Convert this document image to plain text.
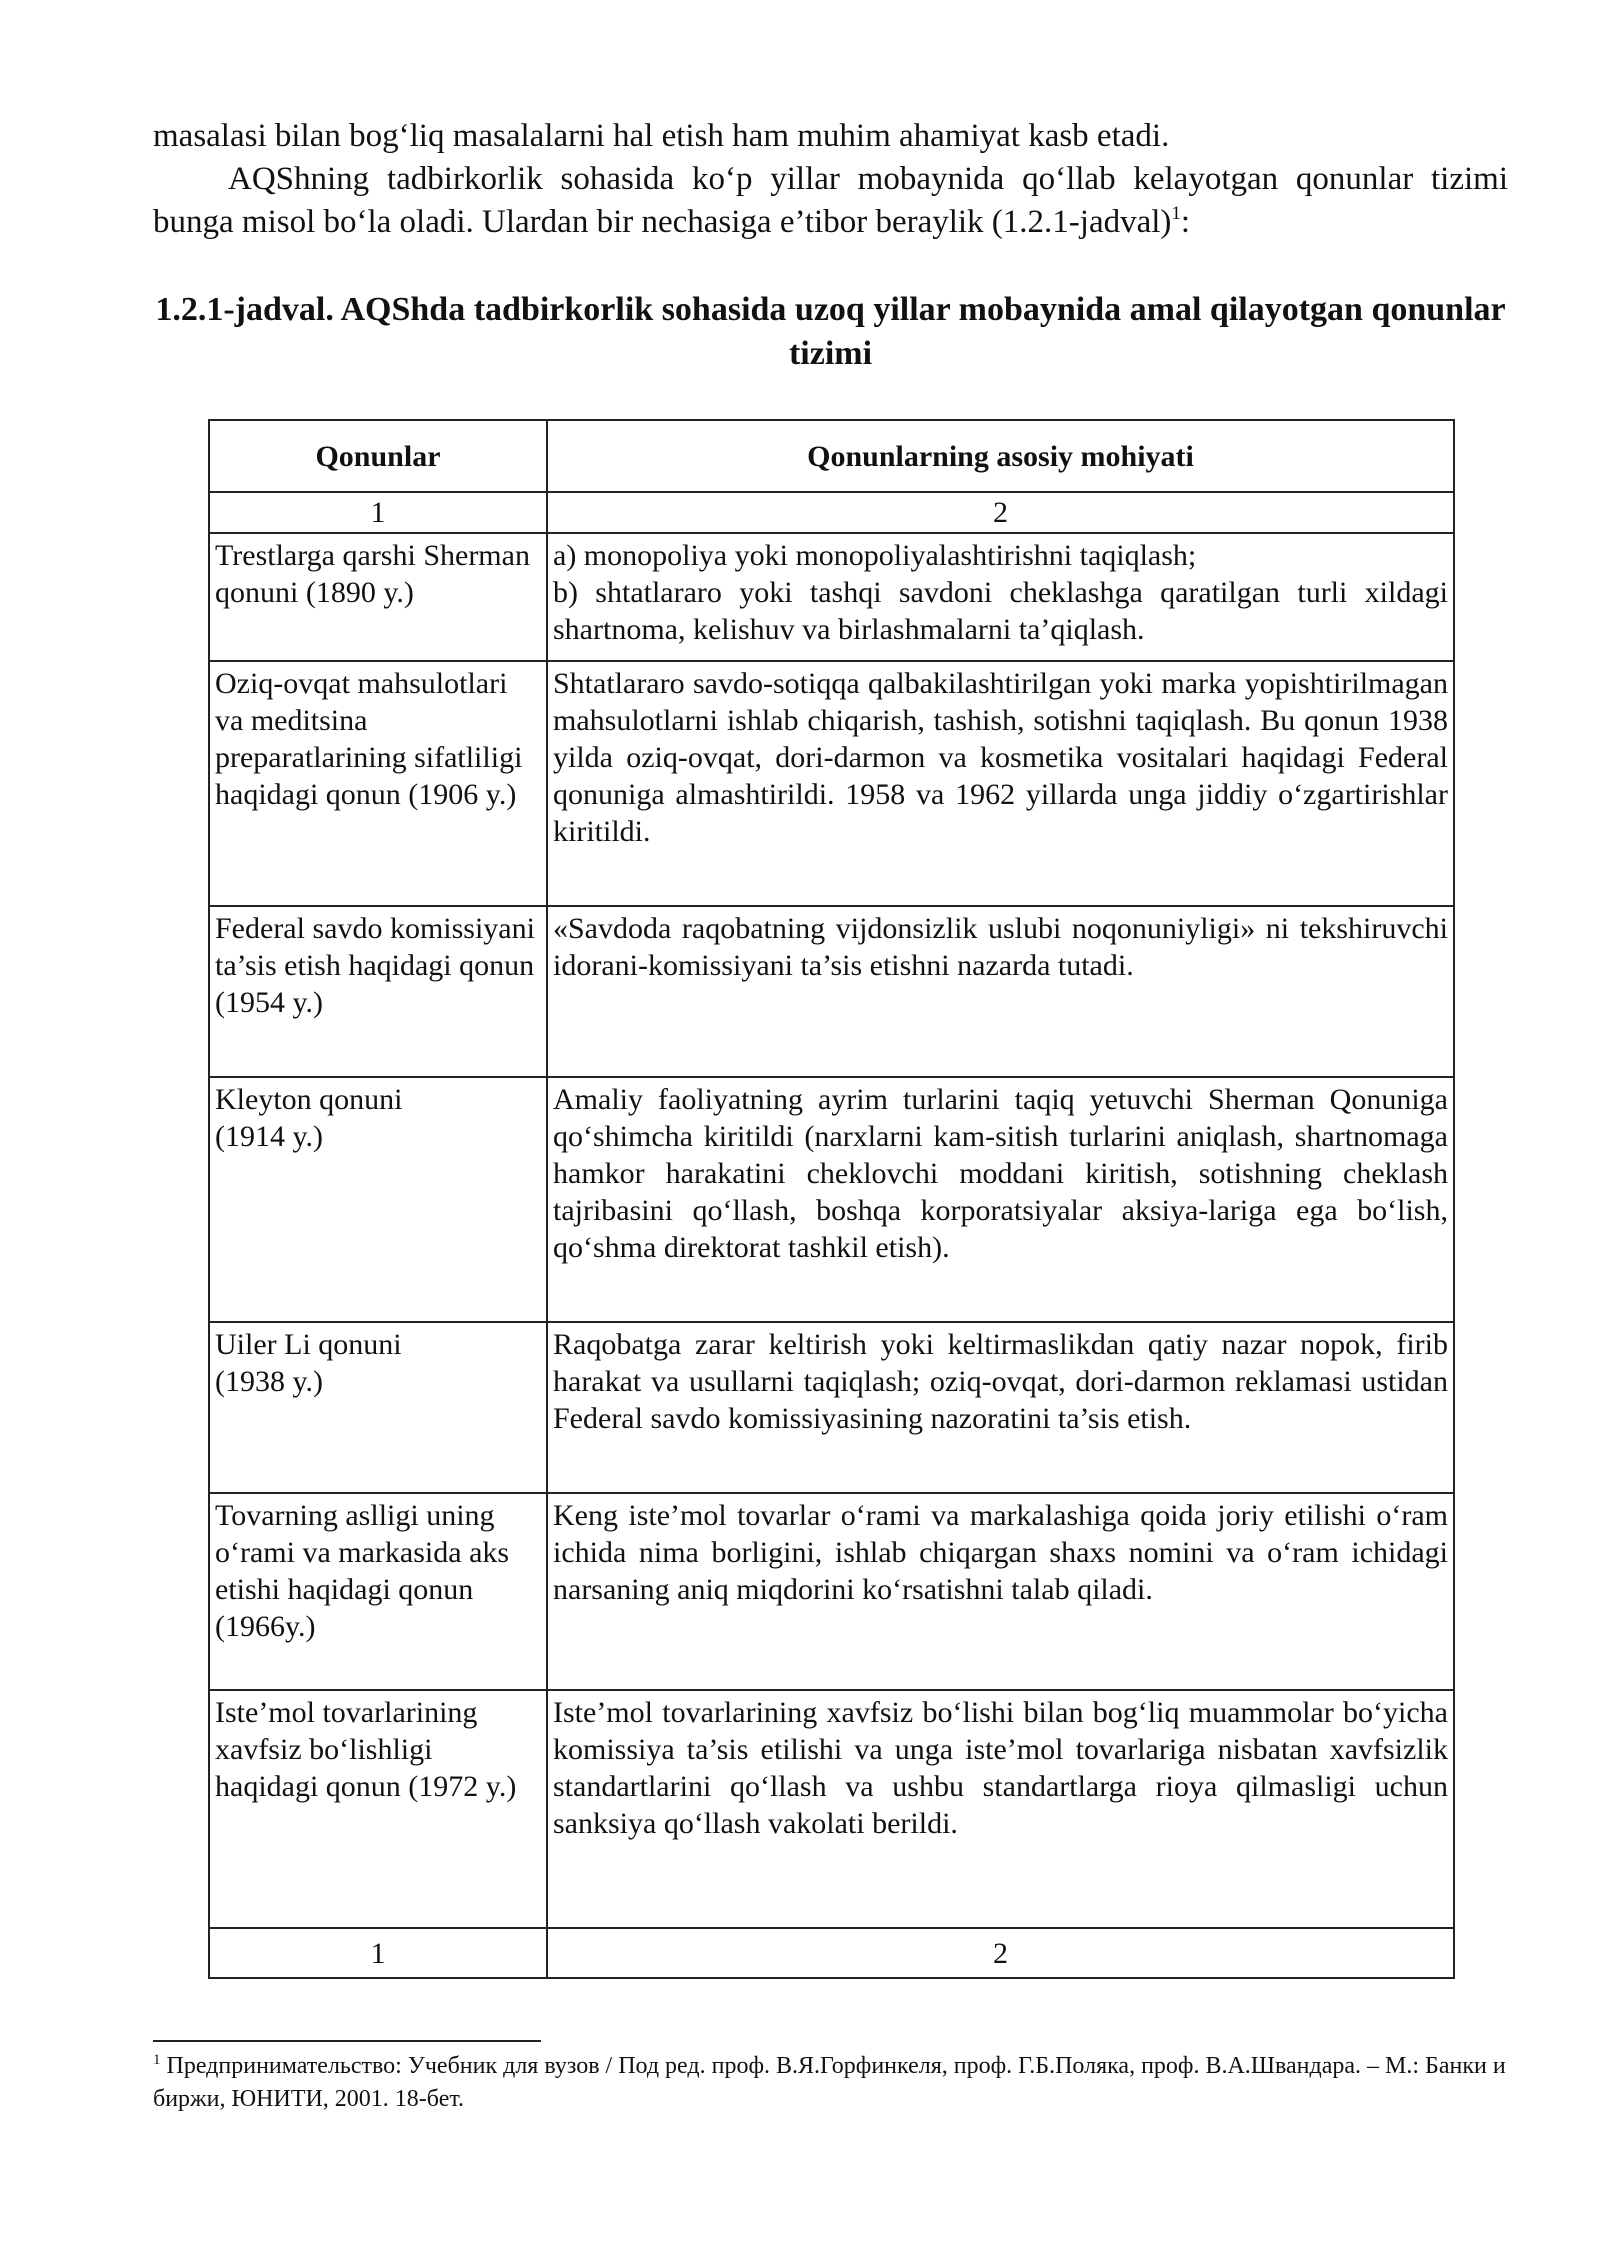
masalasi bilan bog‘liq masalalarni hal etish ham muhim ahamiyat kasb etadi.

AQShning tadbirkorlik sohasida ko‘p yillar mobaynida qo‘llab kelayotgan qonunlar tizimi bunga misol bo‘la oladi. Ulardan bir nechasiga e’tibor beraylik (1.2.1-jadval)$^1$:

1.2.1-jadval. AQShda tadbirkorlik sohasida uzoq yillar mobaynida amal qilayotgan qonunlar tizimi
Qonunlar	Qonunlarning asosiy mohiyati
1	2
Trestlarga qarshi Sherman qonuni (1890 y.)	a) monopoliya yoki monopoliyalashtirishni taqiqlash;
b) shtatlararo yoki tashqi savdoni cheklashga qaratilgan turli xildagi shartnoma, kelishuv va birlashmalarni ta’qiqlash.

Oziq-ovqat mahsulotlari va meditsina preparatlarining sifatliligi haqidagi qonun (1906 y.)	Shtatlararo savdo-sotiqqa qalbakilashtirilgan yoki marka yopishtirilmagan mahsulotlarni ishlab chiqarish, tashish, sotishni taqiqlash. Bu qonun 1938 yilda oziq-ovqat, dori-darmon va kosmetika vositalari haqidagi Federal qonuniga almashtirildi. 1958 va 1962 yillarda unga jiddiy o‘zgartirishlar kiritildi.
Federal savdo komissiyani ta’sis etish haqidagi qonun (1954 y.)	«Savdoda raqobatning vijdonsizlik uslubi noqonuniyligi» ni tekshiruvchi idorani-komissiyani ta’sis etishni nazarda tutadi.

Kleyton qonuni
(1914 y.)	Amaliy faoliyatning ayrim turlarini taqiq yetuvchi Sherman Qonuniga qo‘shimcha kiritildi (narxlarni kam-sitish turlarini aniqlash, shartnomaga hamkor harakatini cheklovchi moddani kiritish, sotishning cheklash tajribasini qo‘llash, boshqa korporatsiyalar aksiya-lariga ega bo‘lish, qo‘shma direktorat tashkil etish).

Uiler Li qonuni
(1938 y.)	Raqobatga zarar keltirish yoki keltirmaslikdan qatiy nazar nopok, firib harakat va usullarni taqiqlash; oziq-ovqat, dori-darmon reklamasi ustidan Federal savdo komissiyasining nazoratini ta’sis etish.
Tovarning aslligi uning o‘rami va markasida aks etishi haqidagi qonun (1966y.)	Keng iste’mol tovarlar o‘rami va markalashiga qoida joriy etilishi o‘ram ichida nima borligini, ishlab chiqargan shaxs nomini va o‘ram ichidagi narsaning aniq miqdorini ko‘rsatishni talab qiladi.
Iste’mol tovarlarining xavfsiz bo‘lishligi haqidagi qonun (1972 y.)	Iste’mol tovarlarining xavfsiz bo‘lishi bilan bog‘liq muammolar bo‘yicha komissiya ta’sis etilishi va unga iste’mol tovarlariga nisbatan xavfsizlik standartlarini qo‘llash va ushbu standartlarga rioya qilmasligi uchun sanksiya qo‘llash vakolati berildi.
1	2
$^1$ Предпринимательство: Учебник для вузов / Под ред. проф. В.Я.Горфинкеля, проф. Г.Б.Поляка, проф. В.А.Швандара. – М.: Банки и биржи, ЮНИТИ, 2001. 18-бет.
